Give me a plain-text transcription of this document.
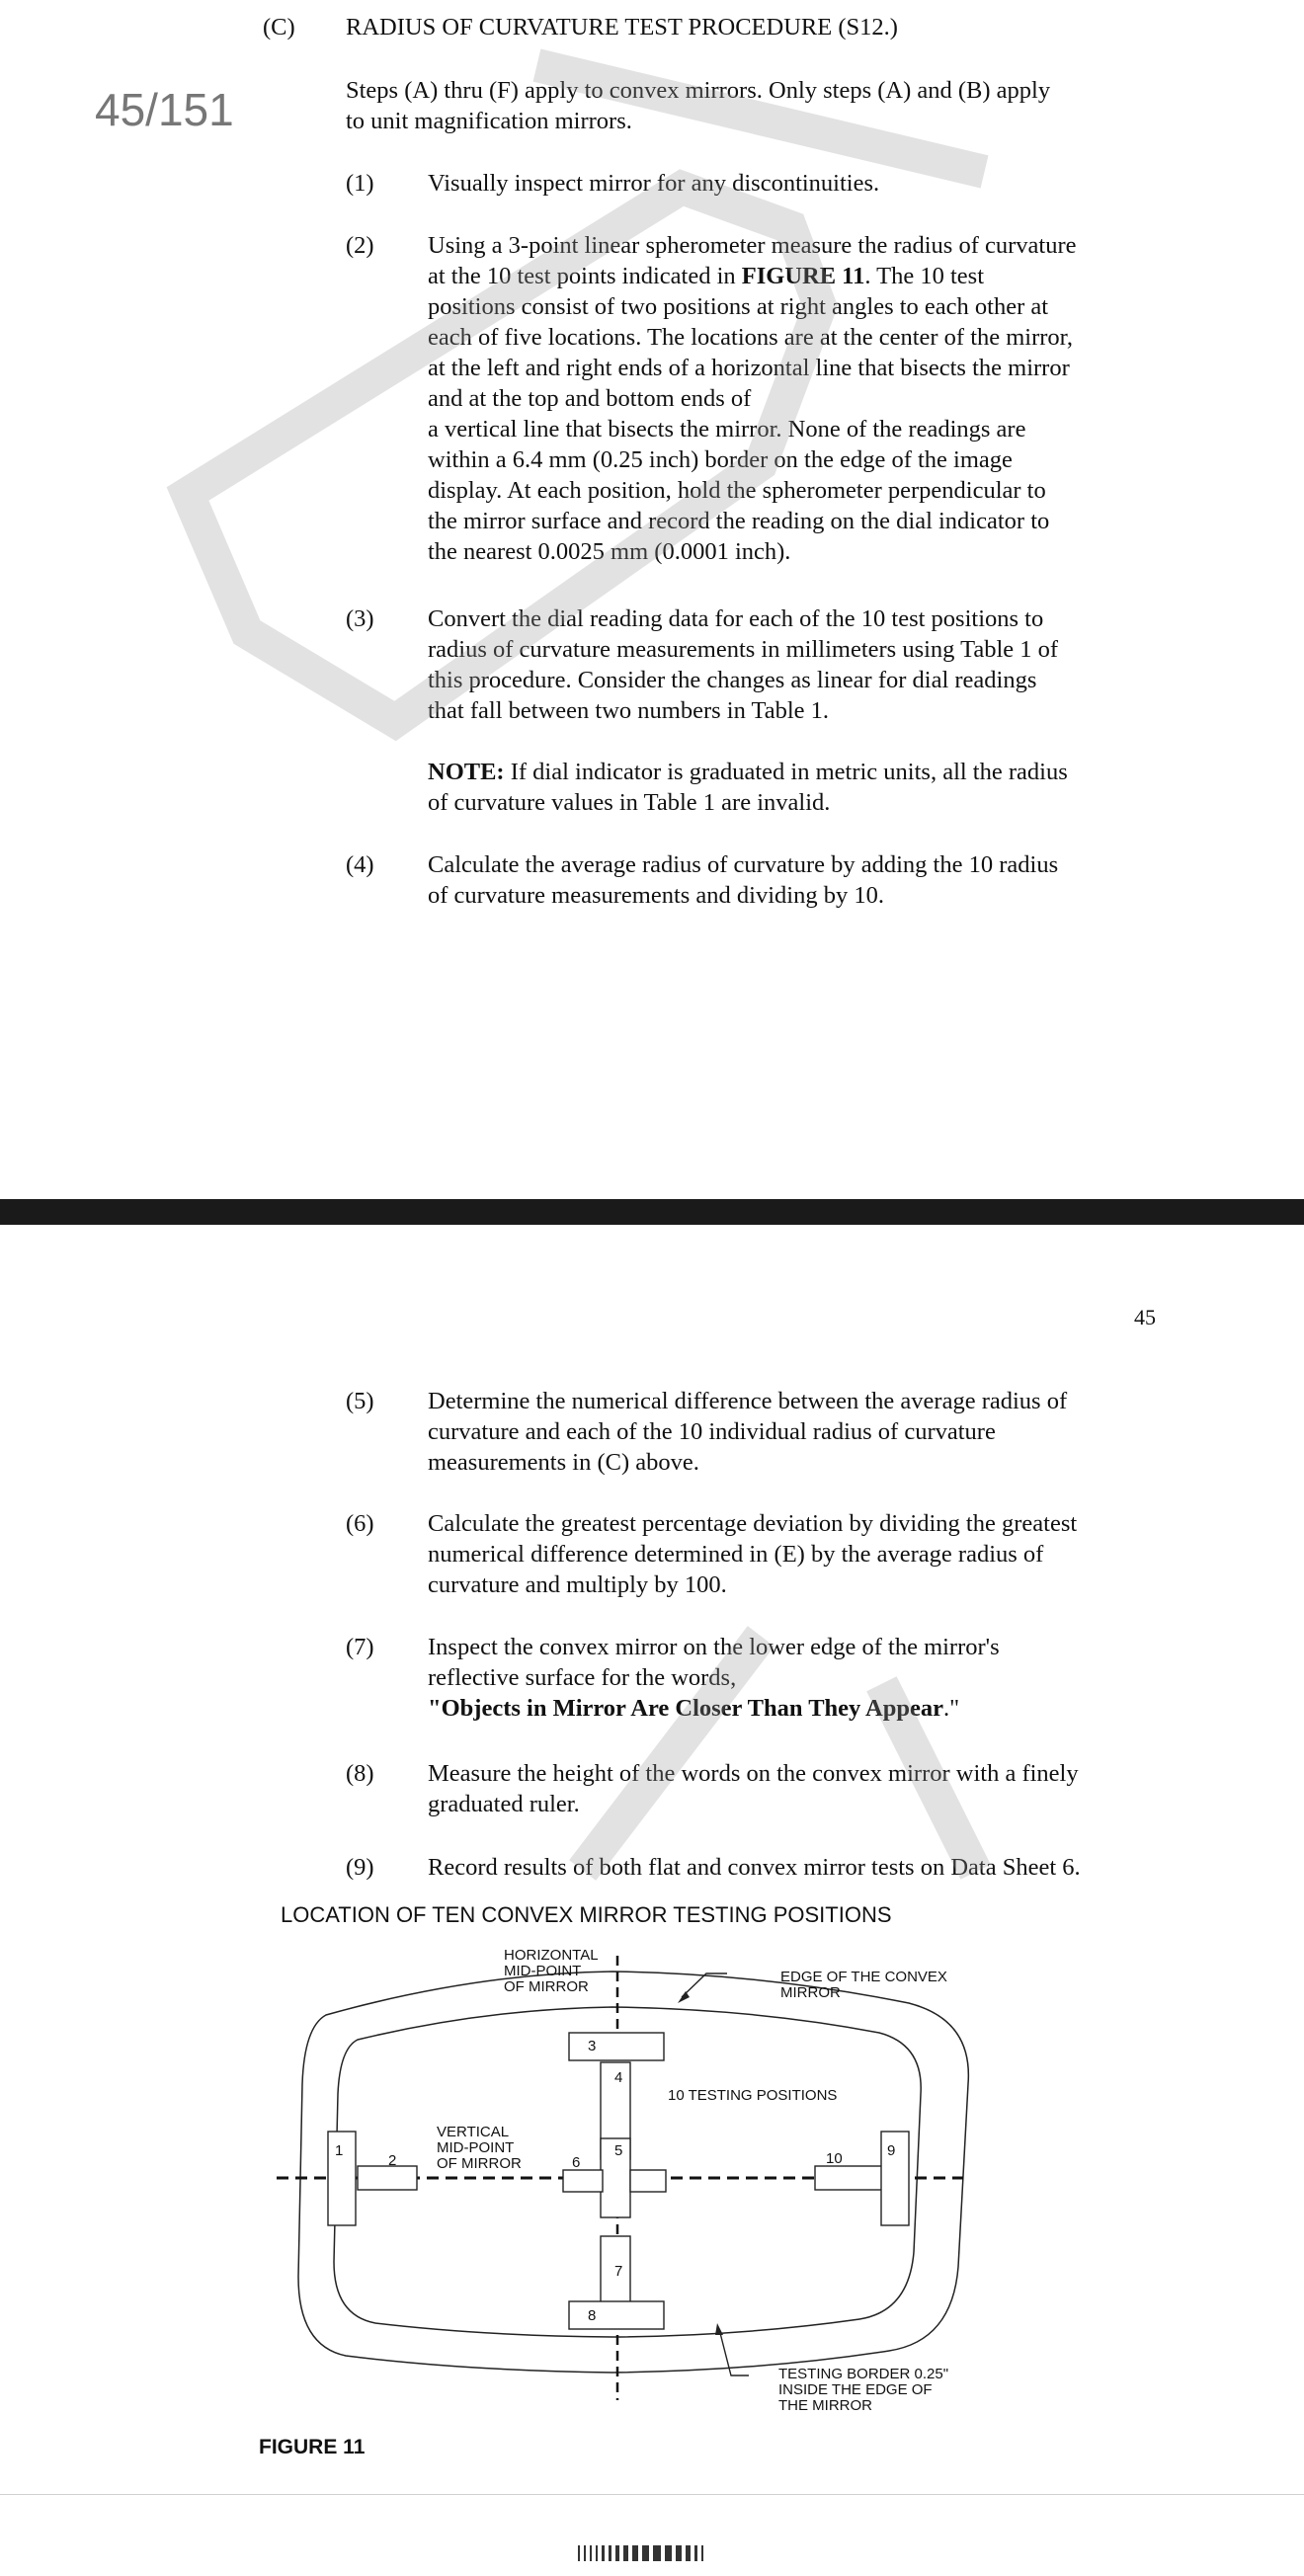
45/151
(C) RADIUS OF CURVATURE TEST PROCEDURE (S12.)
Steps (A) thru (F) apply to convex mirrors. Only steps (A) and (B) apply
to unit magnification mirrors.
(1)	Visually inspect mirror for any discontinuities.
(2)	Using a 3-point linear spherometer measure the radius of curvature
at the 10 test points indicated in FIGURE 11. The 10 test
positions consist of two positions at right angles to each other at
each of five locations. The locations are at the center of the mirror,
at the left and right ends of a horizontal line that bisects the mirror
and at the top and bottom ends of
a vertical line that bisects the mirror. None of the readings are
within a 6.4 mm (0.25 inch) border on the edge of the image
display. At each position, hold the spherometer perpendicular to
the mirror surface and record the reading on the dial indicator to
the nearest 0.0025 mm (0.0001 inch).
(3)	Convert the dial reading data for each of the 10 test positions to
radius of curvature measurements in millimeters using Table 1 of
this procedure. Consider the changes as linear for dial readings
that fall between two numbers in Table 1.
NOTE: If dial indicator is graduated in metric units, all the radius
of curvature values in Table 1 are invalid.
(4)	Calculate the average radius of curvature by adding the 10 radius
of curvature measurements and dividing by 10.
45
(5)	Determine the numerical difference between the average radius of
curvature and each of the 10 individual radius of curvature
measurements in (C) above.
(6)	Calculate the greatest percentage deviation by dividing the greatest
numerical difference determined in (E) by the average radius of
curvature and multiply by 100.
(7)	Inspect the convex mirror on the lower edge of the mirror's
reflective surface for the words,
"Objects in Mirror Are Closer Than They Appear."
(8)	Measure the height of the words on the convex mirror with a finely
graduated ruler.
(9)	Record results of both flat and convex mirror tests on Data Sheet 6.
LOCATION OF TEN CONVEX MIRROR TESTING POSITIONS
HORIZONTAL
MID-POINT
OF MIRROR
EDGE OF THE CONVEX
MIRROR
10 TESTING POSITIONS
VERTICAL
MID-POINT
OF MIRROR
TESTING BORDER 0.25"
INSIDE THE EDGE OF
THE MIRROR
1
2
3
4
5
6
7
8
9
10
FIGURE 11
